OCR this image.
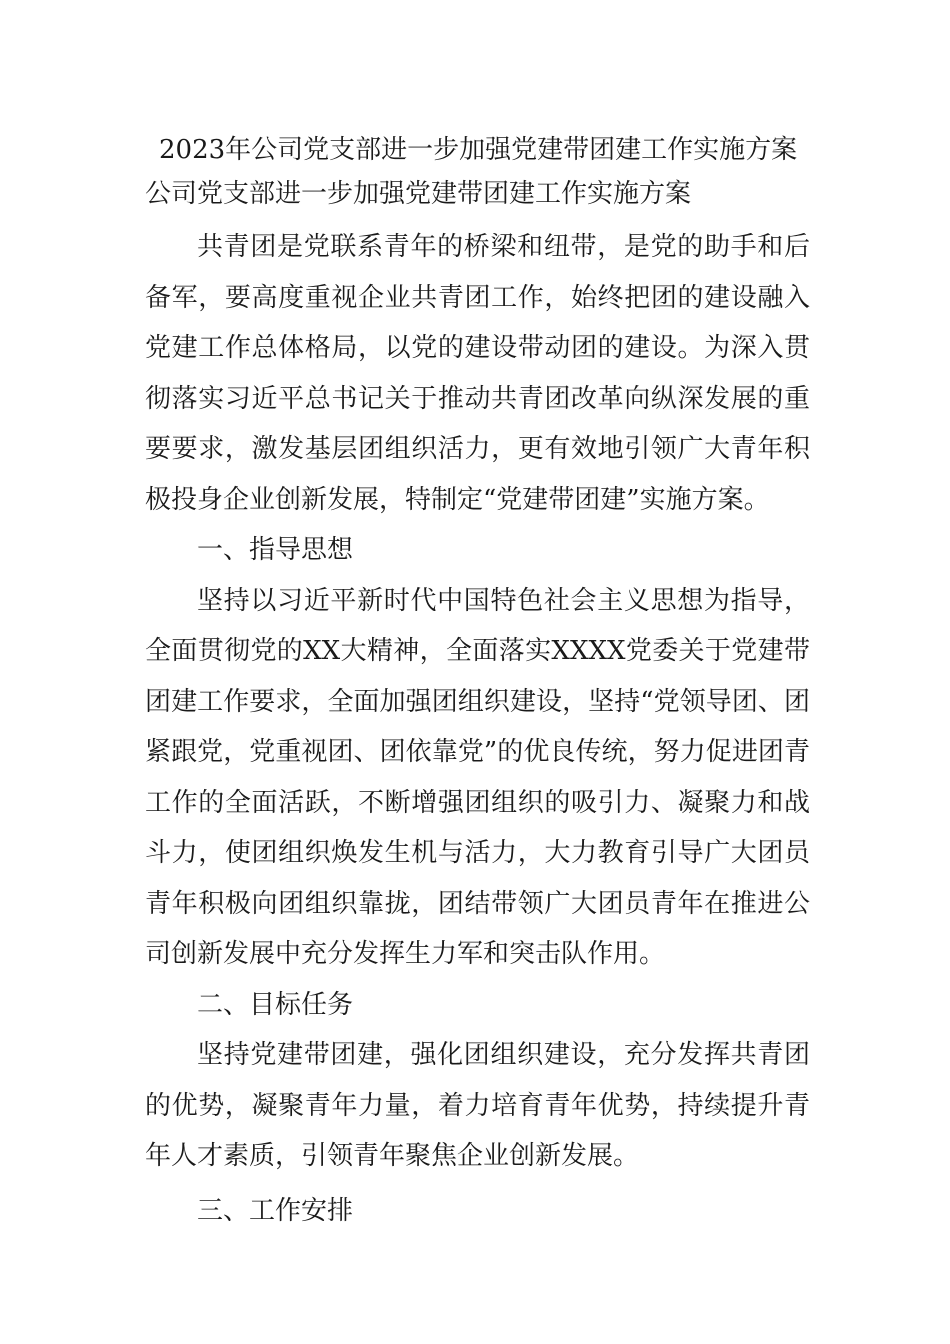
2023年公司党支部进一步加强党建带团建工作实施方案
公司党支部进一步加强党建带团建工作实施方案

共青团是党联系青年的桥梁和纽带，是党的助手和后备军，要高度重视企业共青团工作，始终把团的建设融入党建工作总体格局，以党的建设带动团的建设。为深入贯彻落实习近平总书记关于推动共青团改革向纵深发展的重要要求，激发基层团组织活力，更有效地引领广大青年积极投身企业创新发展，特制定“党建带团建”实施方案。

一、指导思想

坚持以习近平新时代中国特色社会主义思想为指导，全面贯彻党的XX大精神，全面落实XXXX党委关于党建带团建工作要求，全面加强团组织建设，坚持“党领导团、团紧跟党，党重视团、团依靠党”的优良传统，努力促进团青工作的全面活跃，不断增强团组织的吸引力、凝聚力和战斗力，使团组织焕发生机与活力，大力教育引导广大团员青年积极向团组织靠拢，团结带领广大团员青年在推进公司创新发展中充分发挥生力军和突击队作用。

二、目标任务

坚持党建带团建，强化团组织建设，充分发挥共青团的优势，凝聚青年力量，着力培育青年优势，持续提升青年人才素质，引领青年聚焦企业创新发展。

三、工作安排
